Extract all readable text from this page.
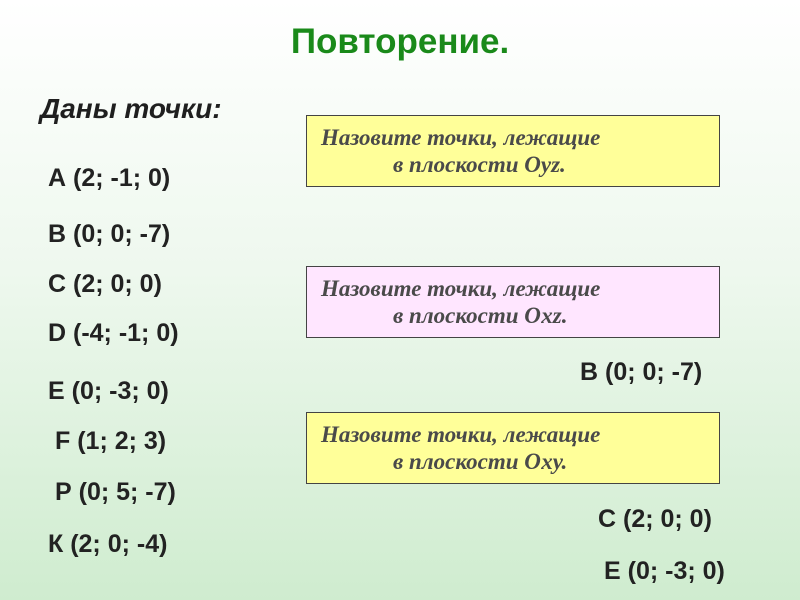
Повторение.
Даны точки:
А (2; -1; 0)
В (0; 0; -7)
С (2; 0; 0)
D (-4; -1; 0)
Е (0; -3; 0)
F (1; 2; 3)
Р (0; 5; -7)
К (2; 0; -4)
Назовите точки, лежащие
в плоскости Оуz.
Назовите точки, лежащие
в плоскости Охz.
В (0; 0; -7)
Назовите точки, лежащие
в плоскости Оху.
С (2; 0; 0)
Е (0; -3; 0)
